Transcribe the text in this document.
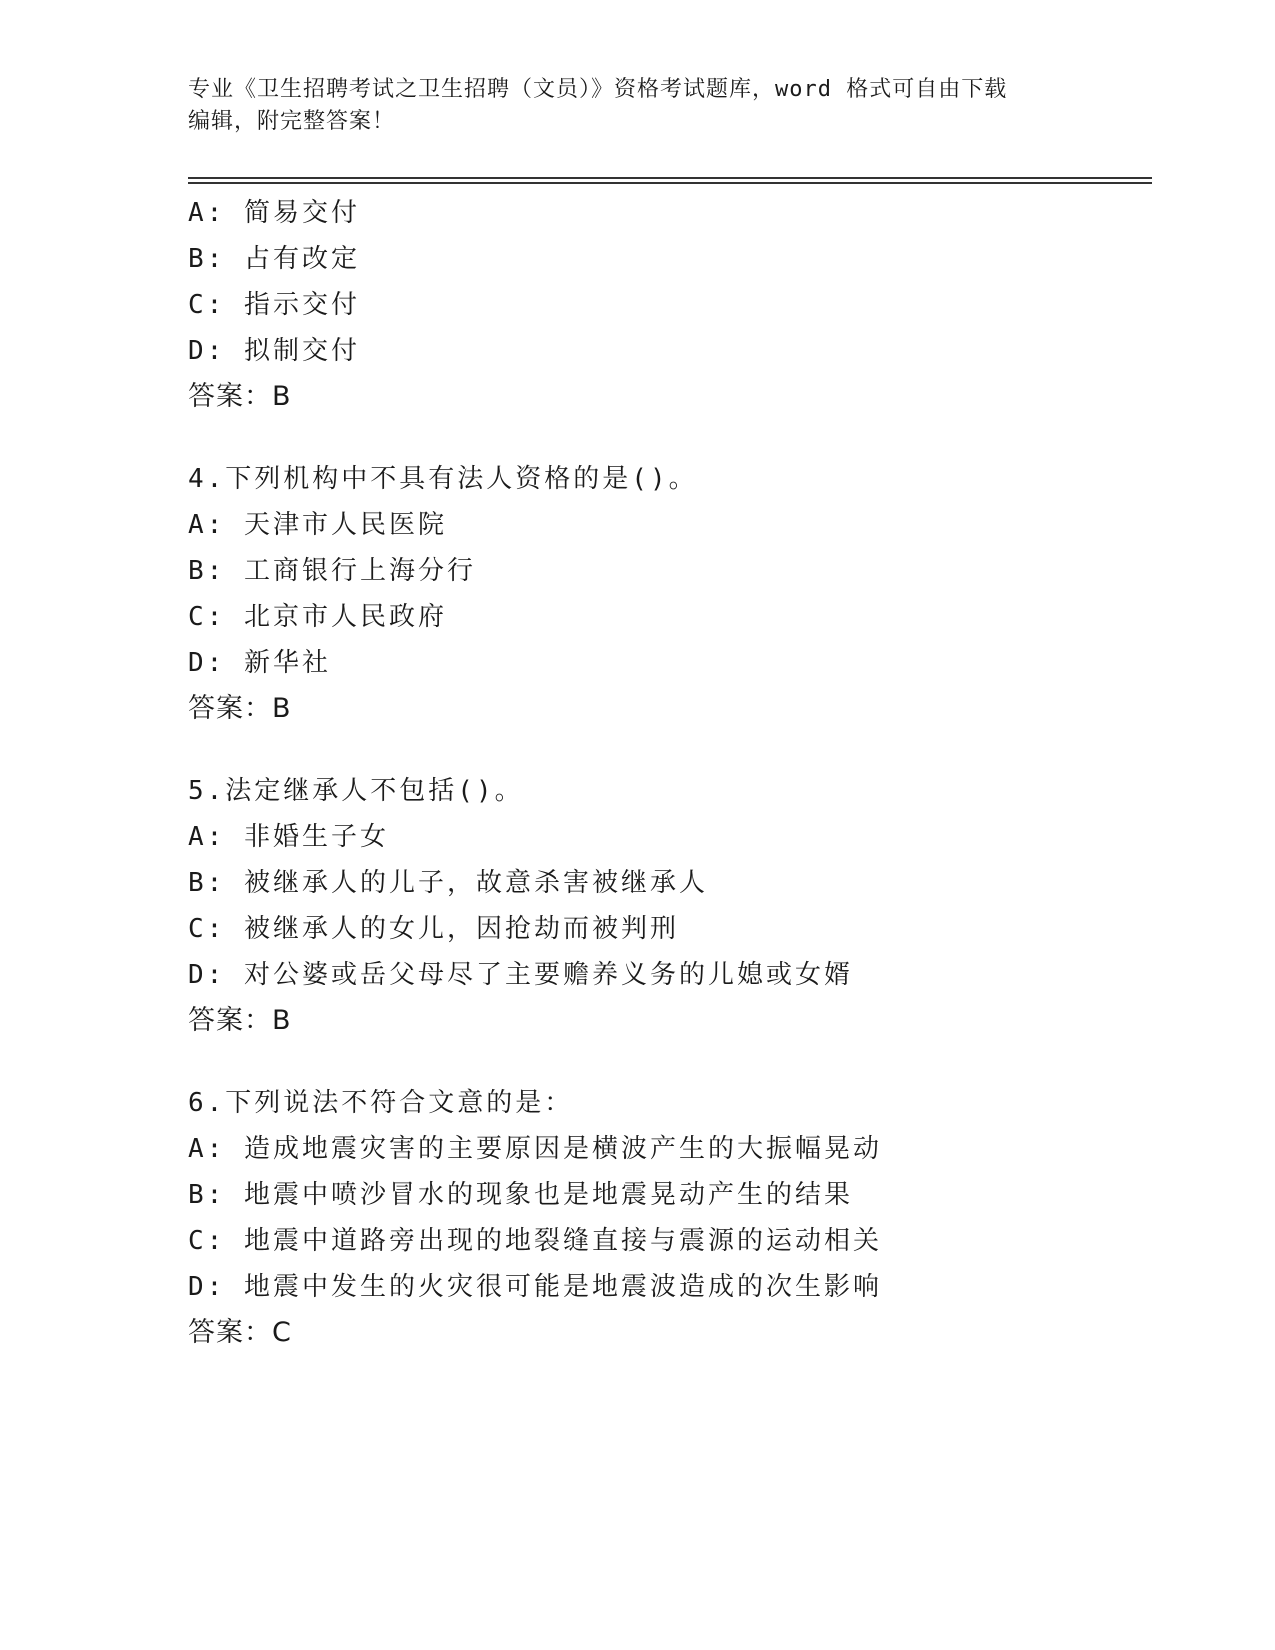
专业《卫生招聘考试之卫生招聘（文员）》资格考试题库，word 格式可自由下载
编辑，附完整答案！
A: 简易交付
B: 占有改定
C: 指示交付
D: 拟制交付
答案：B
4.下列机构中不具有法人资格的是()。
A: 天津市人民医院
B: 工商银行上海分行
C: 北京市人民政府
D: 新华社
答案：B
5.法定继承人不包括()。
A: 非婚生子女
B: 被继承人的儿子，故意杀害被继承人
C: 被继承人的女儿，因抢劫而被判刑
D: 对公婆或岳父母尽了主要赡养义务的儿媳或女婿
答案：B
6.下列说法不符合文意的是：
A: 造成地震灾害的主要原因是横波产生的大振幅晃动
B: 地震中喷沙冒水的现象也是地震晃动产生的结果
C: 地震中道路旁出现的地裂缝直接与震源的运动相关
D: 地震中发生的火灾很可能是地震波造成的次生影响
答案：C
